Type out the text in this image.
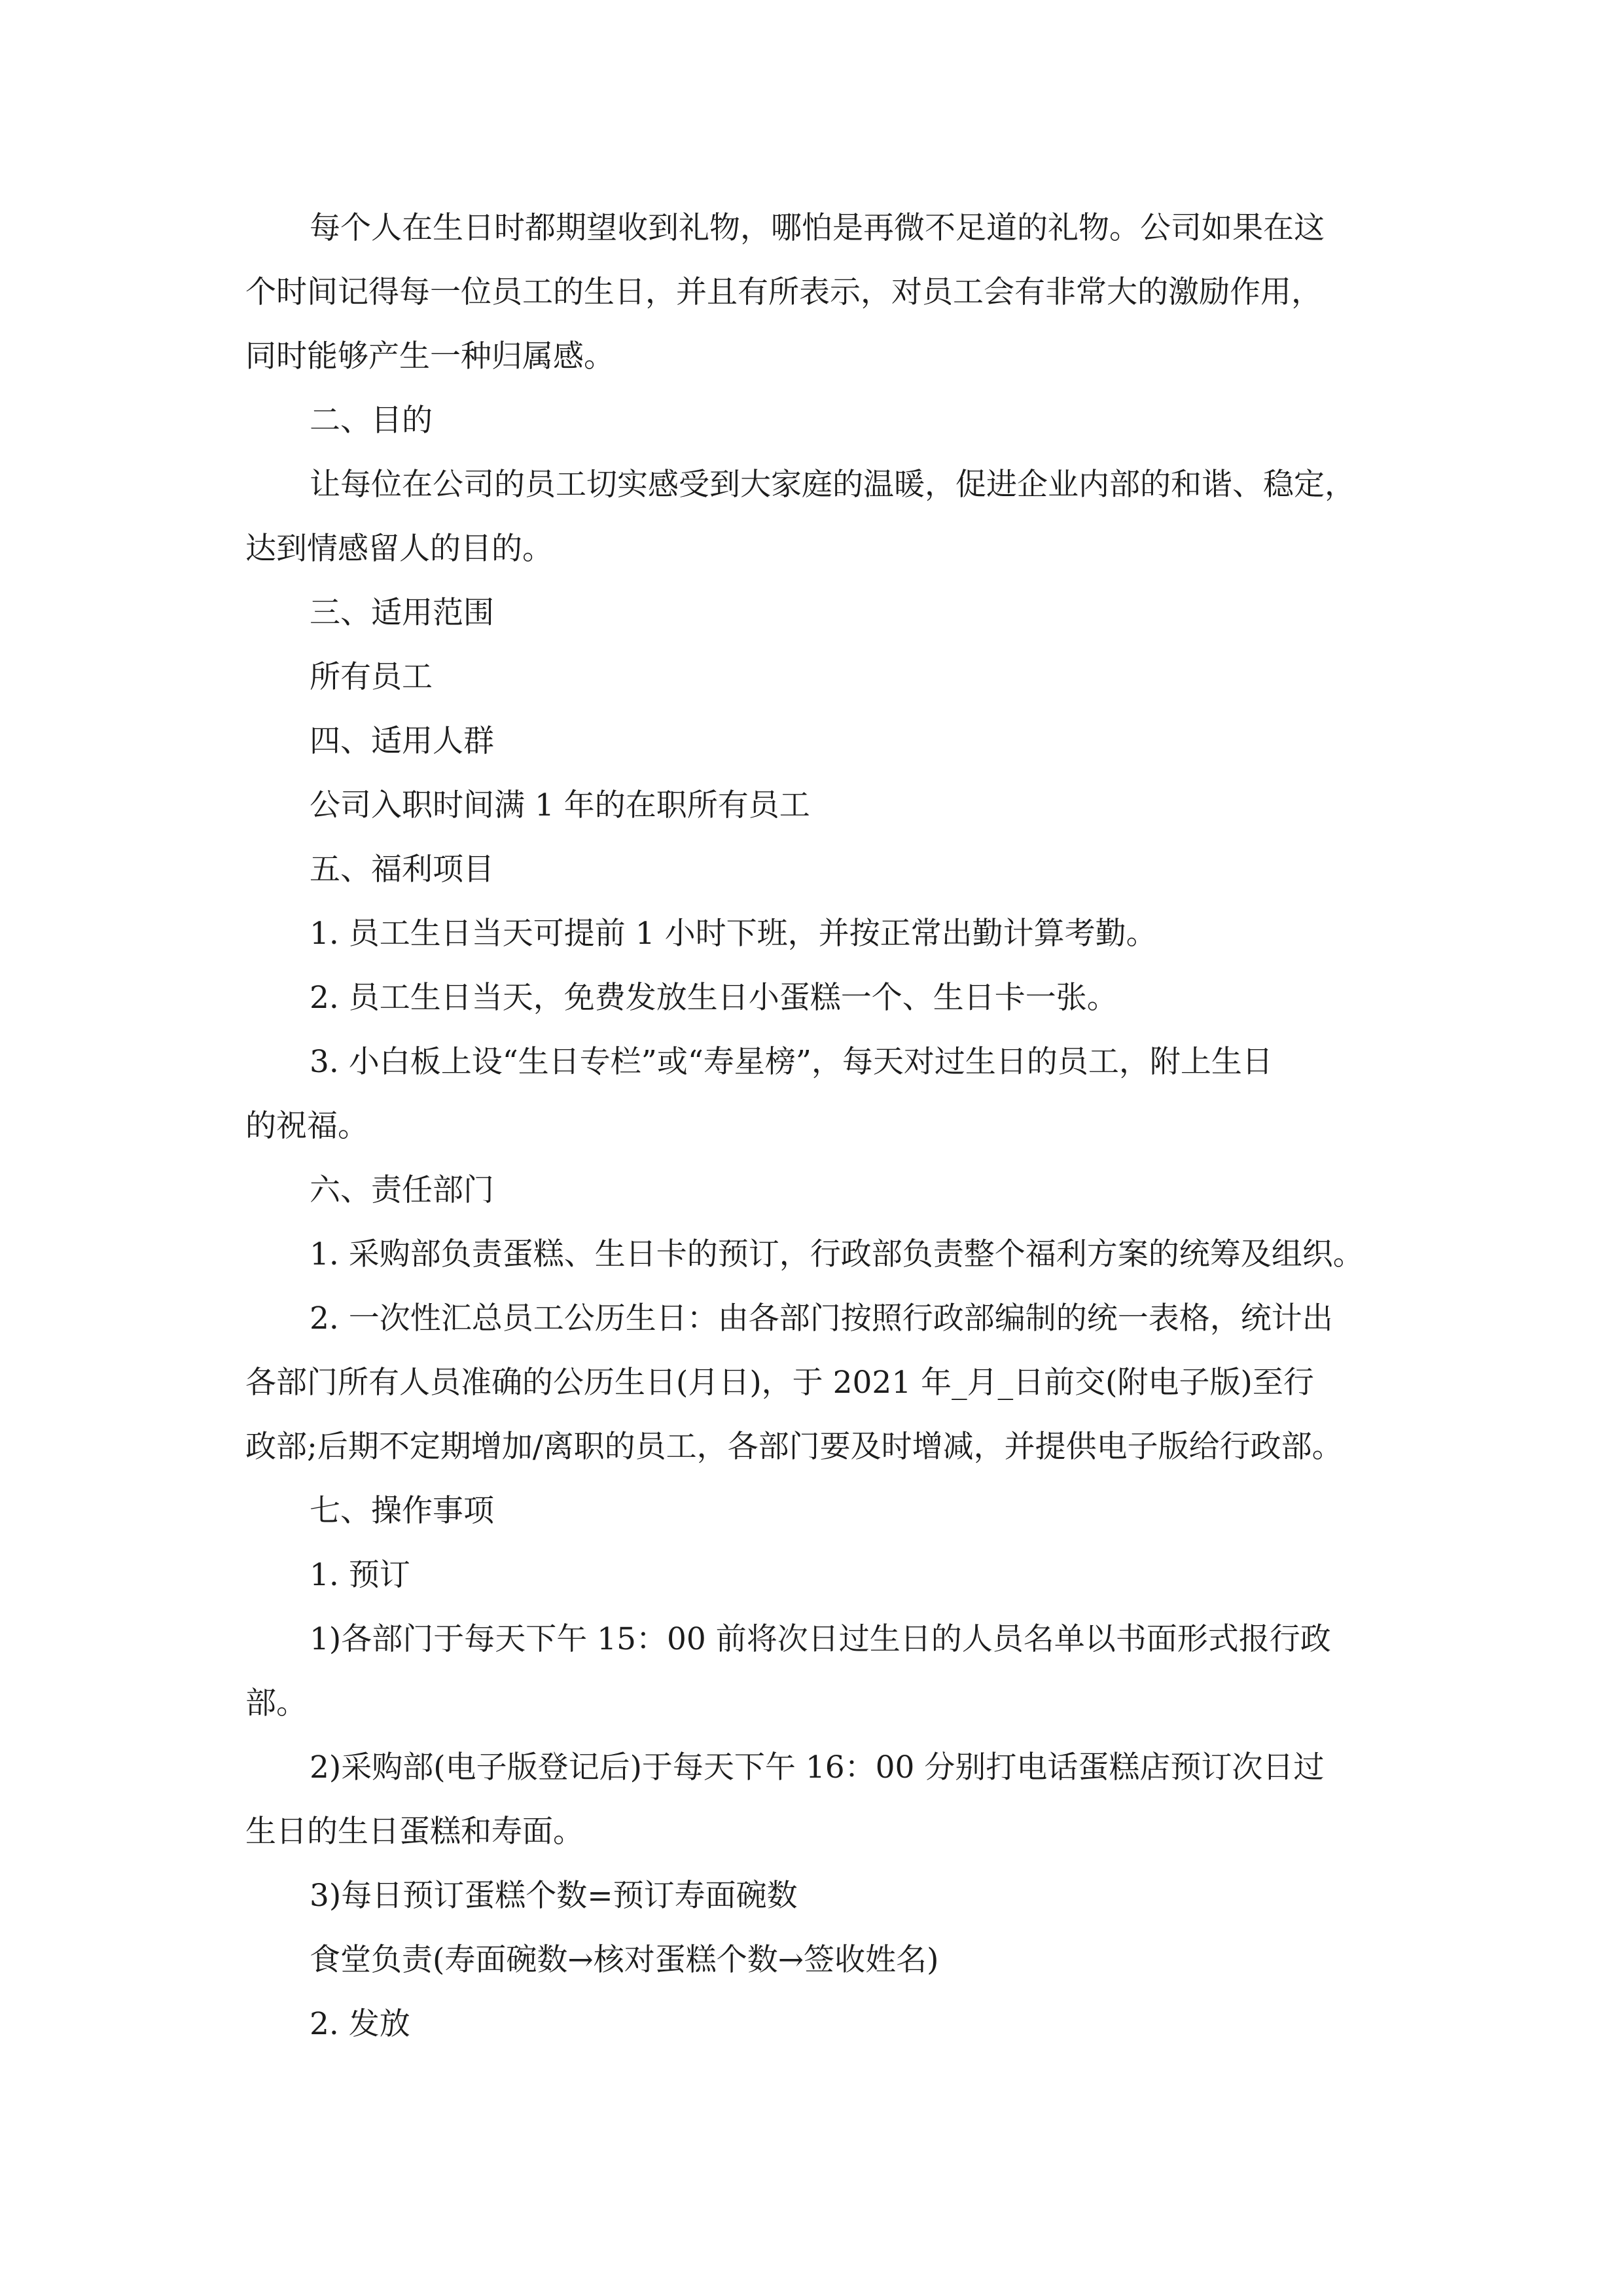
每个人在生日时都期望收到礼物，哪怕是再微不足道的礼物。公司如果在这
个时间记得每一位员工的生日，并且有所表示，对员工会有非常大的激励作用，
同时能够产生一种归属感。

二、目的

让每位在公司的员工切实感受到大家庭的温暖，促进企业内部的和谐、稳定，
达到情感留人的目的。

三、适用范围

所有员工

四、适用人群

公司入职时间满 1 年的在职所有员工

五、福利项目

1. 员工生日当天可提前 1 小时下班，并按正常出勤计算考勤。

2. 员工生日当天，免费发放生日小蛋糕一个、生日卡一张。

3. 小白板上设“生日专栏”或“寿星榜”，每天对过生日的员工，附上生日
的祝福。

六、责任部门

1. 采购部负责蛋糕、生日卡的预订，行政部负责整个福利方案的统筹及组织。

2. 一次性汇总员工公历生日：由各部门按照行政部编制的统一表格，统计出
各部门所有人员准确的公历生日(月日)，于 2021 年_月_日前交(附电子版)至行
政部;后期不定期增加/离职的员工，各部门要及时增减，并提供电子版给行政部。

七、操作事项

1. 预订

1)各部门于每天下午 15：00 前将次日过生日的人员名单以书面形式报行政
部。

2)采购部(电子版登记后)于每天下午 16：00 分别打电话蛋糕店预订次日过
生日的生日蛋糕和寿面。

3)每日预订蛋糕个数=预订寿面碗数

食堂负责(寿面碗数→核对蛋糕个数→签收姓名)

2. 发放
